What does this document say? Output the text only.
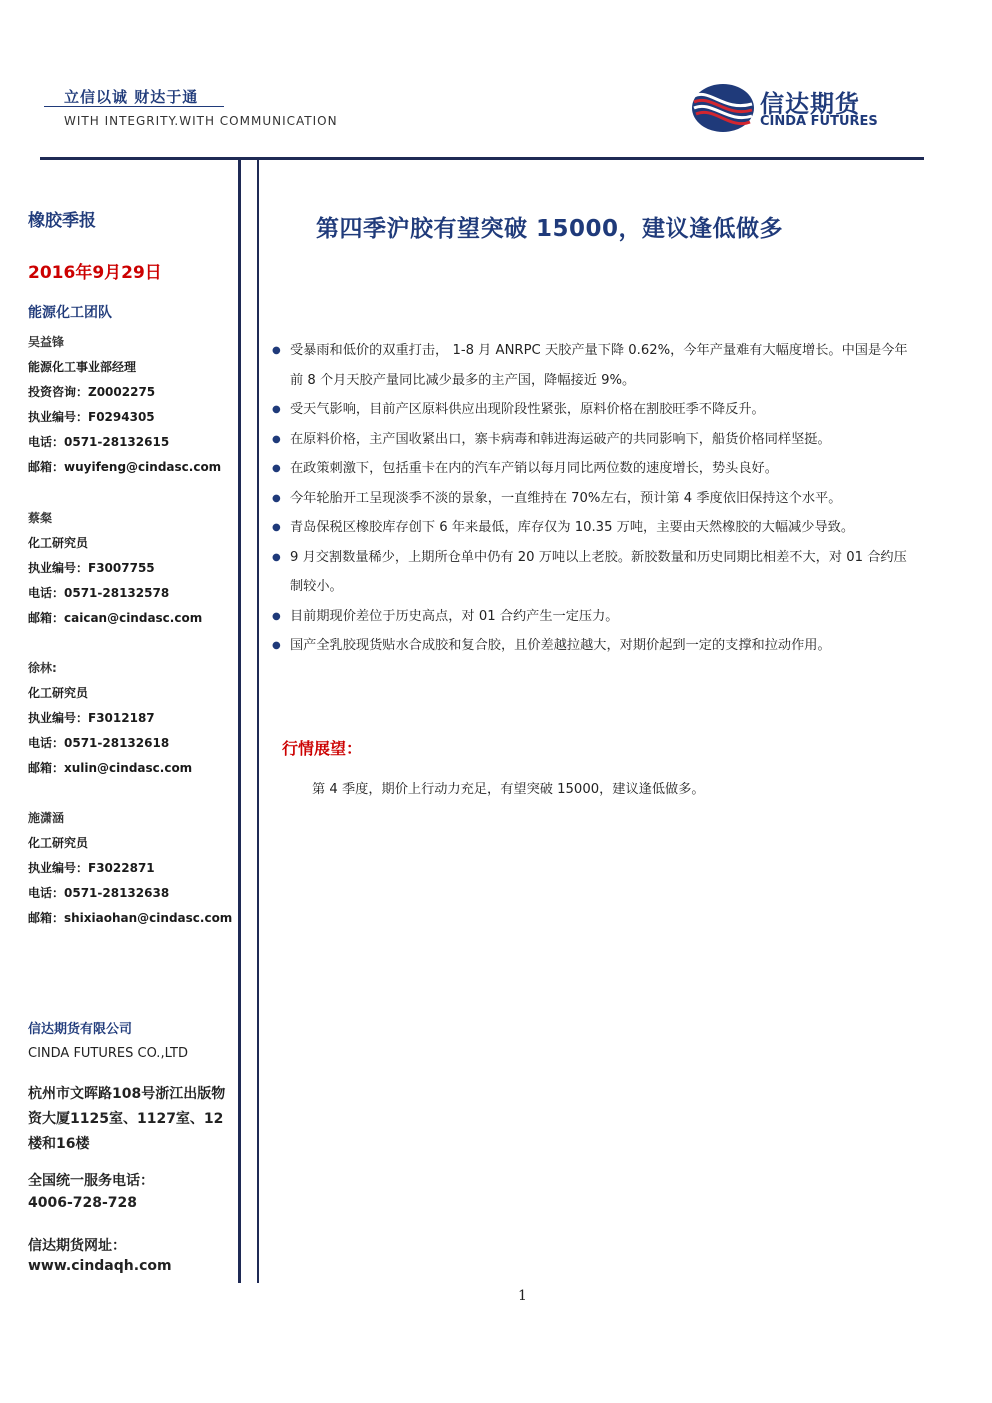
立信以诚 财达于通
WITH INTEGRITY.WITH COMMUNICATION
信达期货
CINDA FUTURES
橡胶季报
2016年9月29日
能源化工团队
吴益锋
能源化工事业部经理
投资咨询：Z0002275
执业编号：F0294305
电话：0571-28132615
邮箱：wuyifeng@cindasc.com
蔡粲
化工研究员
执业编号：F3007755
电话：0571-28132578
邮箱：caican@cindasc.com
徐林:
化工研究员
执业编号：F3012187
电话：0571-28132618
邮箱：xulin@cindasc.com
施潇涵
化工研究员
执业编号：F3022871
电话：0571-28132638
邮箱：shixiaohan@cindasc.com
信达期货有限公司
CINDA FUTURES CO.,LTD
杭州市文晖路108号浙江出版物资大厦1125室、1127室、12楼和16楼
全国统一服务电话：
4006-728-728
信达期货网址：
www.cindaqh.com
第四季沪胶有望突破 15000，建议逢低做多
● 受暴雨和低价的双重打击， 1-8 月 ANRPC 天胶产量下降 0.62%，今年产量难有大幅度增长。中国是今年前 8 个月天胶产量同比减少最多的主产国，降幅接近 9%。
● 受天气影响，目前产区原料供应出现阶段性紧张，原料价格在割胶旺季不降反升。
● 在原料价格，主产国收紧出口，寨卡病毒和韩进海运破产的共同影响下，船货价格同样坚挺。
● 在政策刺激下，包括重卡在内的汽车产销以每月同比两位数的速度增长，势头良好。
● 今年轮胎开工呈现淡季不淡的景象，一直维持在 70%左右，预计第 4 季度依旧保持这个水平。
● 青岛保税区橡胶库存创下 6 年来最低，库存仅为 10.35 万吨，主要由天然橡胶的大幅减少导致。
● 9 月交割数量稀少，上期所仓单中仍有 20 万吨以上老胶。新胶数量和历史同期比相差不大，对 01 合约压制较小。
● 目前期现价差位于历史高点，对 01 合约产生一定压力。
● 国产全乳胶现货贴水合成胶和复合胶，且价差越拉越大，对期价起到一定的支撑和拉动作用。
行情展望：
第 4 季度，期价上行动力充足，有望突破 15000，建议逢低做多。
1
